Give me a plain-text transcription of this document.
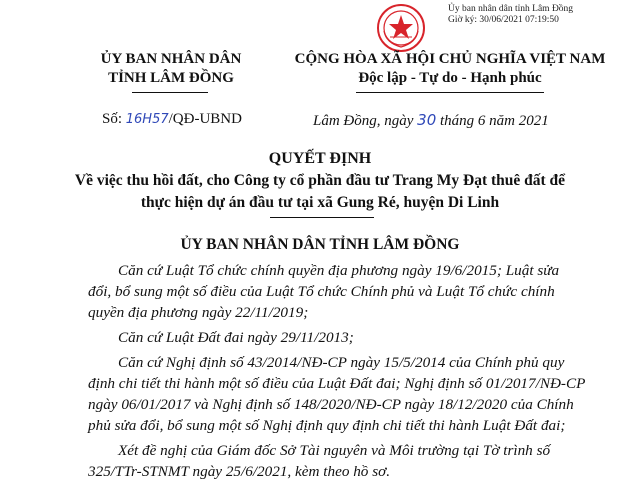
Ủy ban nhân dân tỉnh Lâm Đồng
Giờ ký: 30/06/2021 07:19:50
ỦY BAN NHÂN DÂN
TỈNH LÂM ĐỒNG
CỘNG HÒA XÃ HỘI CHỦ NGHĨA VIỆT NAM
Độc lập - Tự do - Hạnh phúc
Số: 16H57/QĐ-UBND	Lâm Đồng, ngày 30 tháng 6 năm 2021
QUYẾT ĐỊNH
Về việc thu hồi đất, cho Công ty cổ phần đầu tư Trang My Đạt thuê đất để
thực hiện dự án đầu tư tại xã Gung Ré, huyện Di Linh
ỦY BAN NHÂN DÂN TỈNH LÂM ĐỒNG
Căn cứ Luật Tổ chức chính quyền địa phương ngày 19/6/2015; Luật sửa
đổi, bổ sung một số điều của Luật Tổ chức Chính phủ và Luật Tổ chức chính
quyền địa phương ngày 22/11/2019;
Căn cứ Luật Đất đai ngày 29/11/2013;
Căn cứ Nghị định số 43/2014/NĐ-CP ngày 15/5/2014 của Chính phủ quy
định chi tiết thi hành một số điều của Luật Đất đai; Nghị định số 01/2017/NĐ-CP
ngày 06/01/2017 và Nghị định số 148/2020/NĐ-CP ngày 18/12/2020 của Chính
phủ sửa đổi, bổ sung một số Nghị định quy định chi tiết thi hành Luật Đất đai;
Xét đề nghị của Giám đốc Sở Tài nguyên và Môi trường tại Tờ trình số
325/TTr-STNMT ngày 25/6/2021, kèm theo hồ sơ.
